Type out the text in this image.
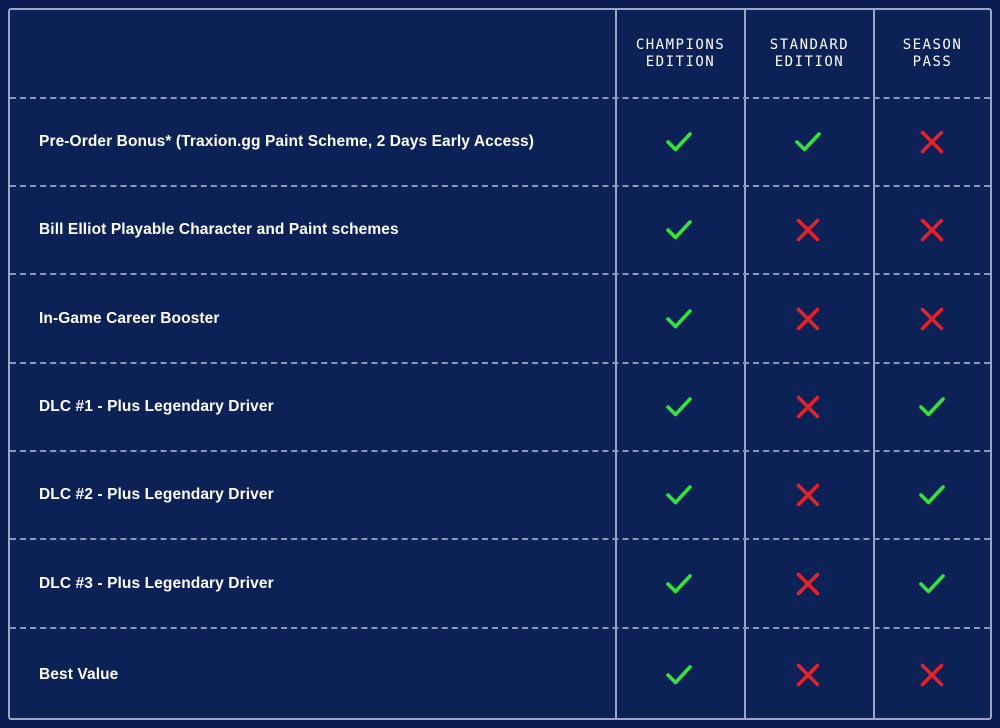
CHAMPIONS
EDITION
STANDARD
EDITION
SEASON
PASS
Pre-Order Bonus* (Traxion.gg Paint Scheme, 2 Days Early Access)
Bill Elliot Playable Character and Paint schemes
In-Game Career Booster
DLC #1 - Plus Legendary Driver
DLC #2 - Plus Legendary Driver
DLC #3 - Plus Legendary Driver
Best Value
